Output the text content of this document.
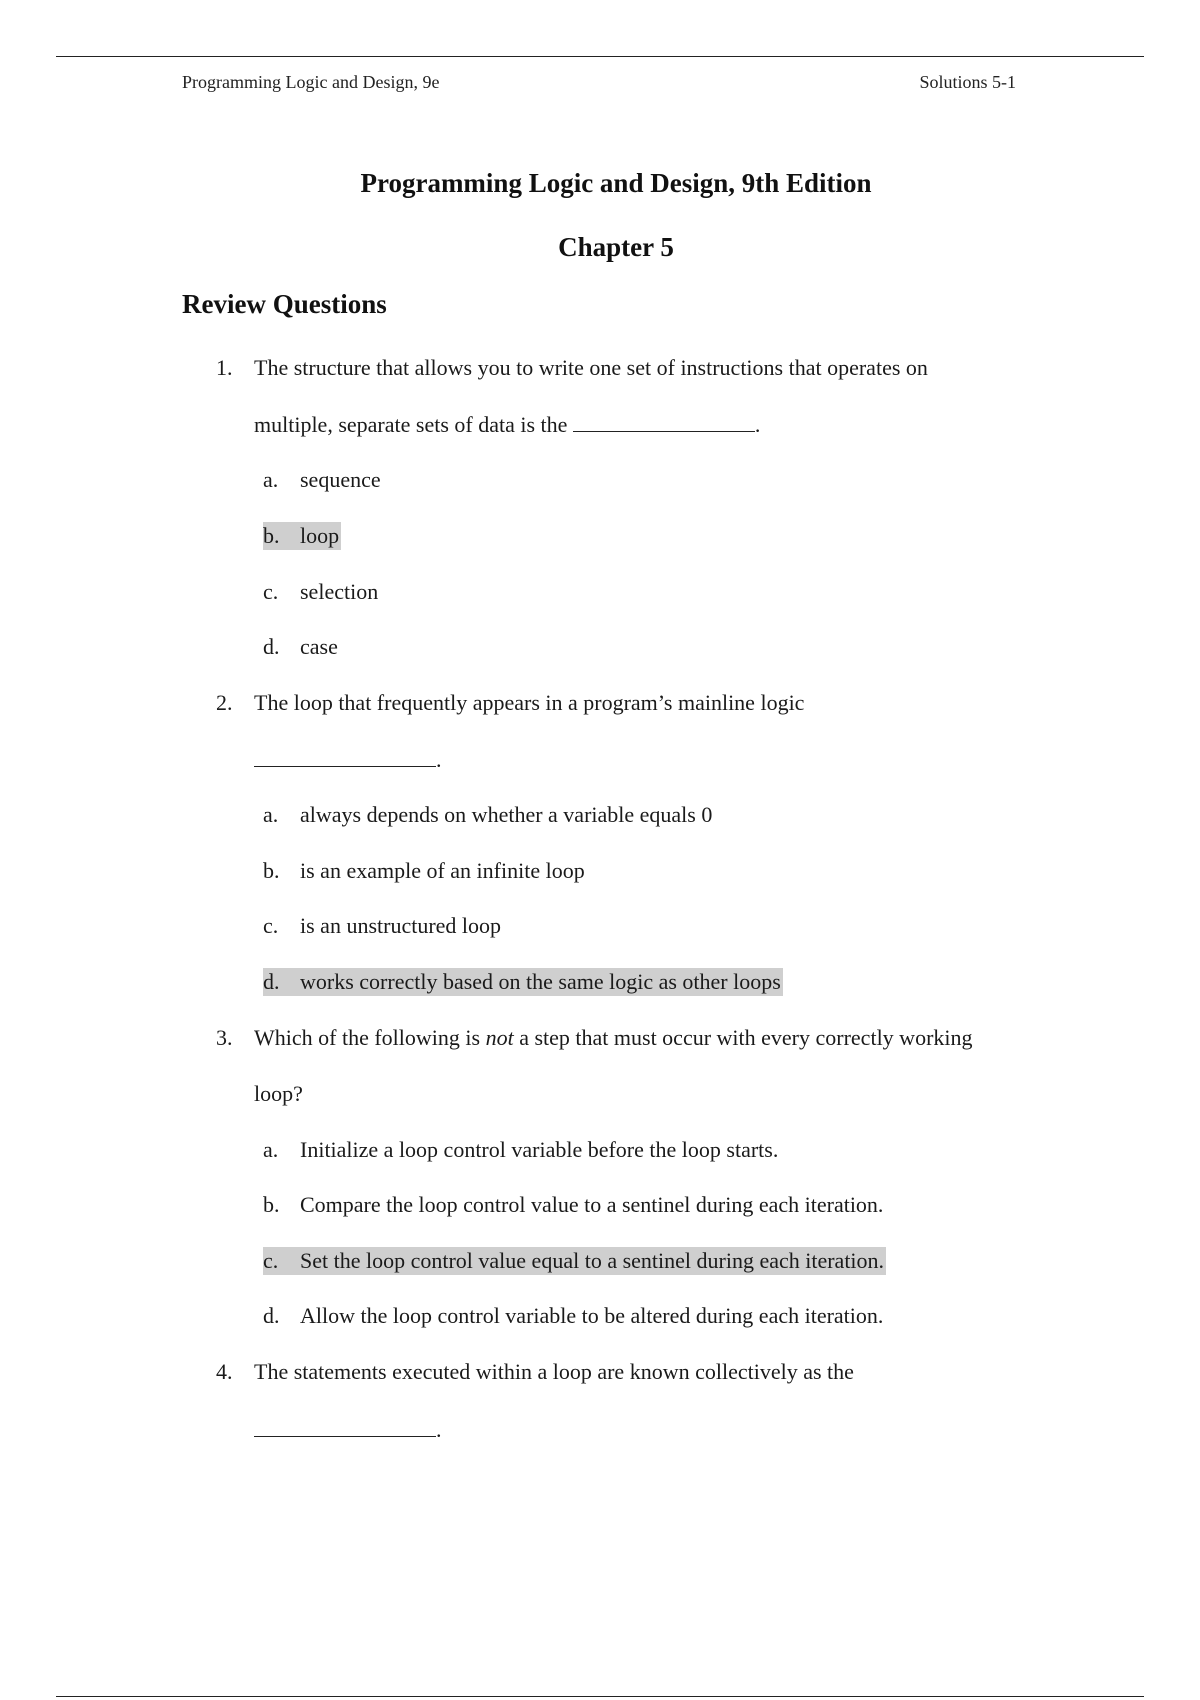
Programming Logic and Design, 9e	Solutions 5-1
Programming Logic and Design, 9th Edition
Chapter 5
Review Questions
1. The structure that allows you to write one set of instructions that operates on
multiple, separate sets of data is the	.
a. sequence
b. loop
c. selection
d. case
2. The loop that frequently appears in a program’s mainline logic
.
a. always depends on whether a variable equals 0
b. is an example of an infinite loop
c. is an unstructured loop
d. works correctly based on the same logic as other loops
3. Which of the following is not a step that must occur with every correctly working
loop?
a. Initialize a loop control variable before the loop starts.
b. Compare the loop control value to a sentinel during each iteration.
c. Set the loop control value equal to a sentinel during each iteration.
d. Allow the loop control variable to be altered during each iteration.
4. The statements executed within a loop are known collectively as the
.
